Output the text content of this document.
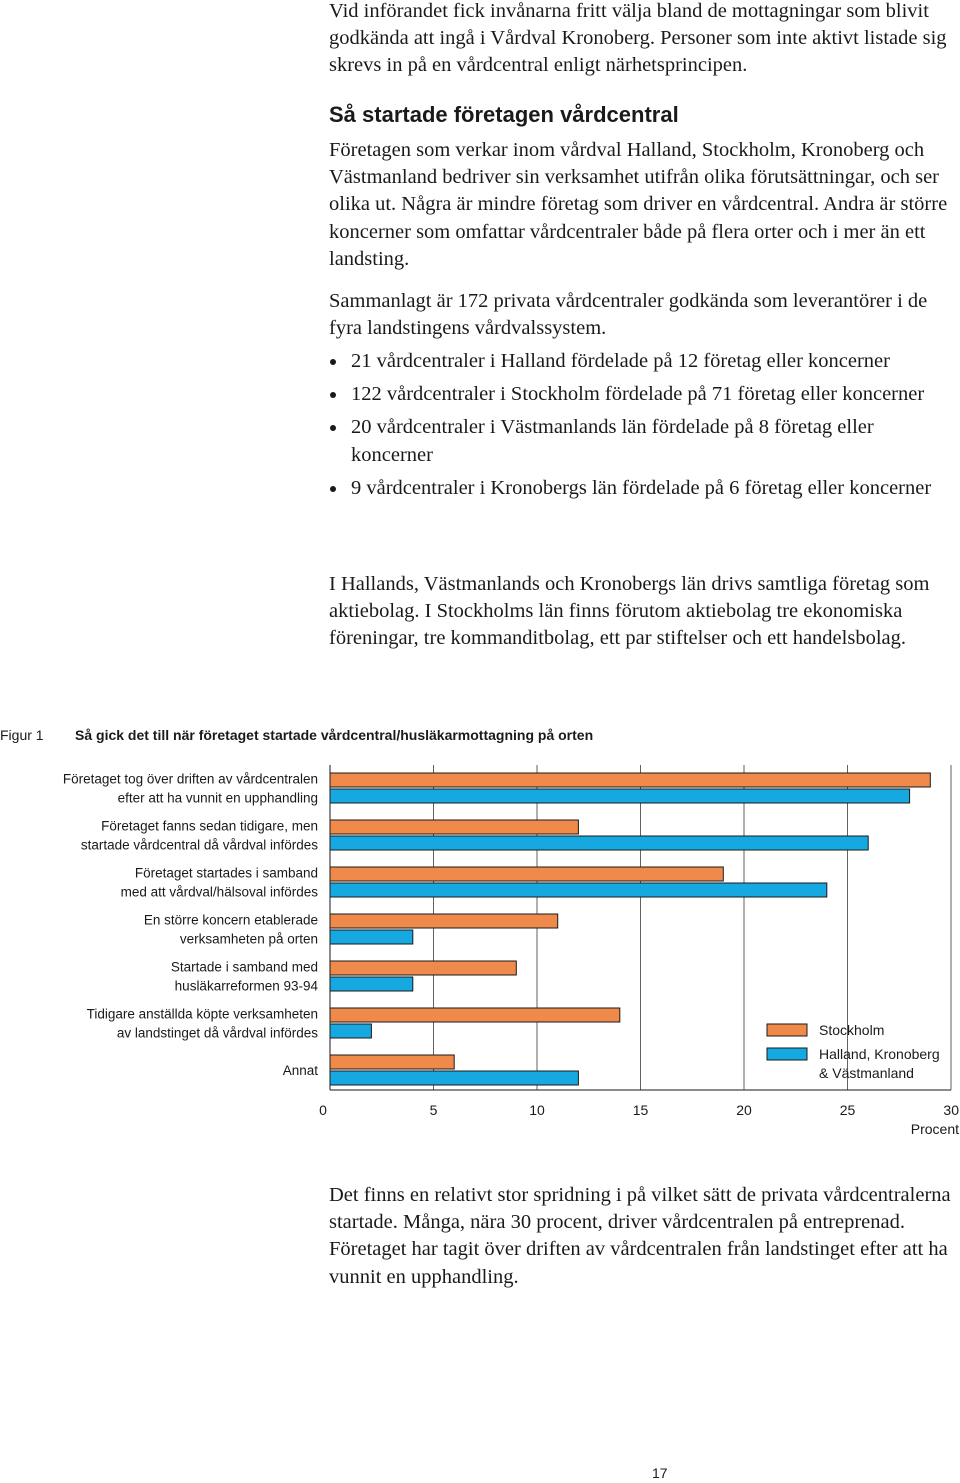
Vid införandet fick invånarna fritt välja bland de mottagningar som blivit godkända att ingå i Vårdval Kronoberg. Personer som inte aktivt listade sig skrevs in på en vårdcentral enligt närhetsprincipen.

Så startade företagen vårdcentral

Företagen som verkar inom vårdval Halland, Stockholm, Kronoberg och Västmanland bedriver sin verksamhet utifrån olika förutsättningar, och ser olika ut. Några är mindre företag som driver en vårdcentral. Andra är större koncerner som omfattar vårdcentraler både på flera orter och i mer än ett landsting.

Sammanlagt är 172 privata vårdcentraler godkända som leverantörer i de fyra landstingens vårdvalssystem.

21 vårdcentraler i Halland fördelade på 12 företag eller koncerner
122 vårdcentraler i Stockholm fördelade på 71 företag eller koncerner
20 vårdcentraler i Västmanlands län fördelade på 8 företag eller koncerner
9 vårdcentraler i Kronobergs län fördelade på 6 företag eller koncerner

I Hallands, Västmanlands och Kronobergs län drivs samtliga företag som aktiebolag. I Stockholms län finns förutom aktiebolag tre ekonomiska föreningar, tre kommanditbolag, ett par stiftelser och ett handelsbolag.

Figur 1 Så gick det till när företaget startade vårdcentral/husläkarmottagning på orten
Företaget tog över driften av vårdcentralen
efter att ha vunnit en upphandling
Företaget fanns sedan tidigare, men
startade vårdcentral då vårdval infördes
Företaget startades i samband
med att vårdval/hälsoval infördes
En större koncern etablerade
verksamheten på orten
Startade i samband med
husläkarreformen 93-94
Tidigare anställda köpte verksamheten
av landstinget då vårdval infördes
Annat
0	5	10	15	20	25	30
Procent
Stockholm
Halland, Kronoberg
& Västmanland

Det finns en relativt stor spridning i på vilket sätt de privata vårdcentralerna startade. Många, nära 30 procent, driver vårdcentralen på entreprenad. Företaget har tagit över driften av vårdcentralen från landstinget efter att ha vunnit en upphandling.

17
